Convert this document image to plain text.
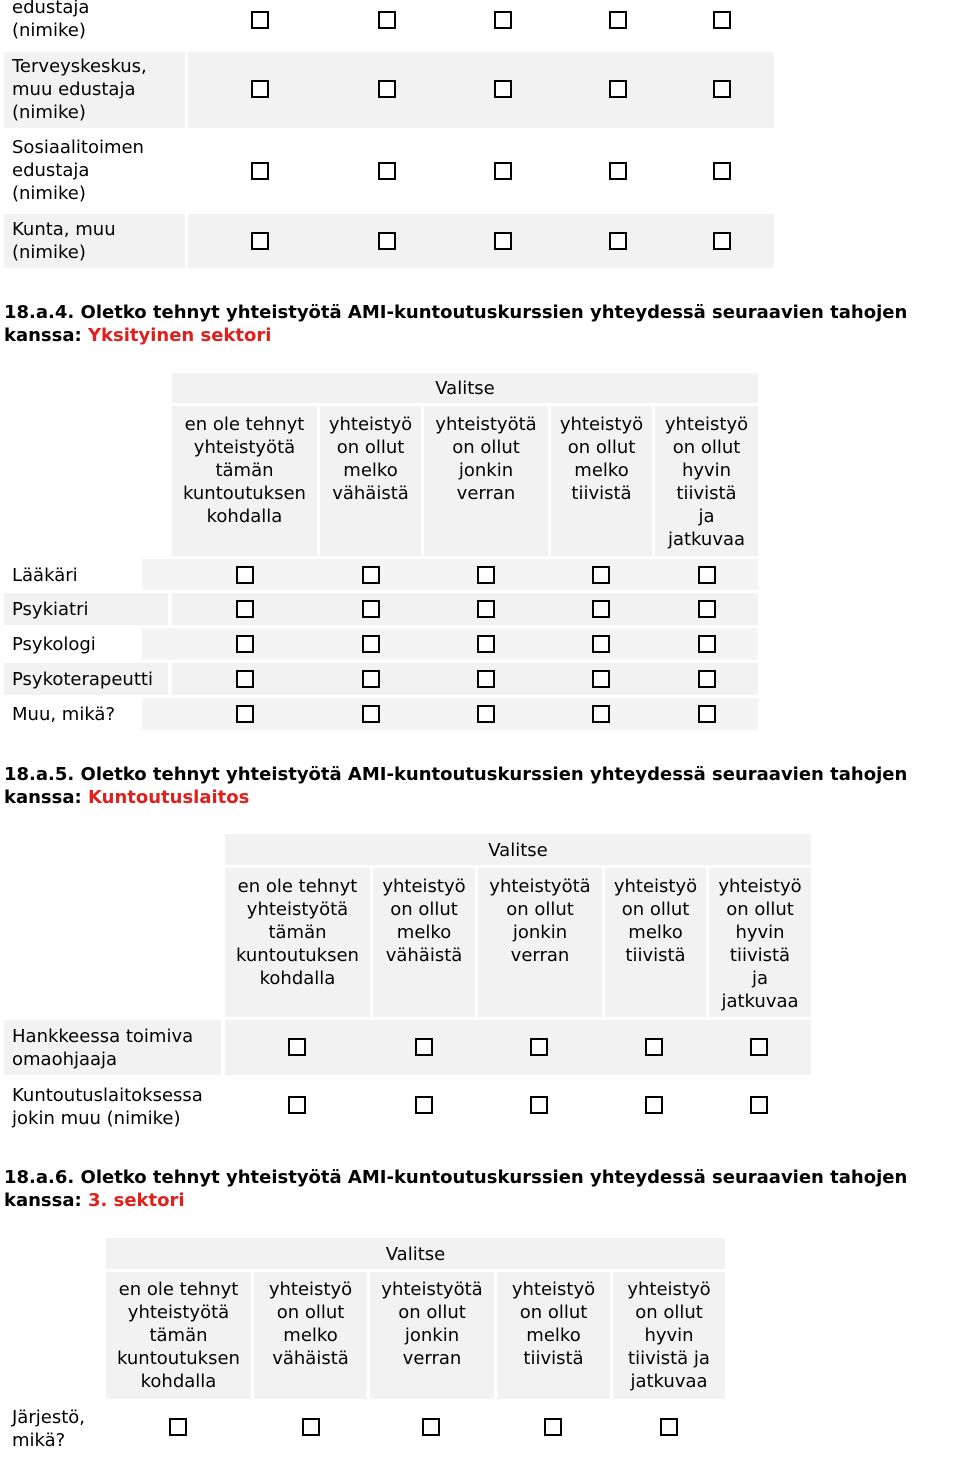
edustaja
(nimike)
Terveyskeskus,
muu edustaja
(nimike)
Sosiaalitoimen
edustaja
(nimike)
Kunta, muu
(nimike)
18.a.4. Oletko tehnyt yhteistyötä AMI-kuntoutuskurssien yhteydessä seuraavien tahojen
kanssa: Yksityinen sektori
Valitse
en ole tehnyt
yhteistyötä
tämän
kuntoutuksen
kohdalla
yhteistyö
on ollut
melko
vähäistä
yhteistyötä
on ollut
jonkin
verran
yhteistyö
on ollut
melko
tiivistä
yhteistyö
on ollut
hyvin
tiivistä
ja
jatkuvaa
Lääkäri
Psykiatri
Psykologi
Psykoterapeutti
Muu, mikä?
18.a.5. Oletko tehnyt yhteistyötä AMI-kuntoutuskurssien yhteydessä seuraavien tahojen
kanssa: Kuntoutuslaitos
Valitse
en ole tehnyt
yhteistyötä
tämän
kuntoutuksen
kohdalla
yhteistyö
on ollut
melko
vähäistä
yhteistyötä
on ollut
jonkin
verran
yhteistyö
on ollut
melko
tiivistä
yhteistyö
on ollut
hyvin
tiivistä
ja
jatkuvaa
Hankkeessa toimiva
omaohjaaja
Kuntoutuslaitoksessa
jokin muu (nimike)
18.a.6. Oletko tehnyt yhteistyötä AMI-kuntoutuskurssien yhteydessä seuraavien tahojen
kanssa: 3. sektori
Valitse
en ole tehnyt
yhteistyötä
tämän
kuntoutuksen
kohdalla
yhteistyö
on ollut
melko
vähäistä
yhteistyötä
on ollut
jonkin
verran
yhteistyö
on ollut
melko
tiivistä
yhteistyö
on ollut
hyvin
tiivistä ja
jatkuvaa
Järjestö,
mikä?
